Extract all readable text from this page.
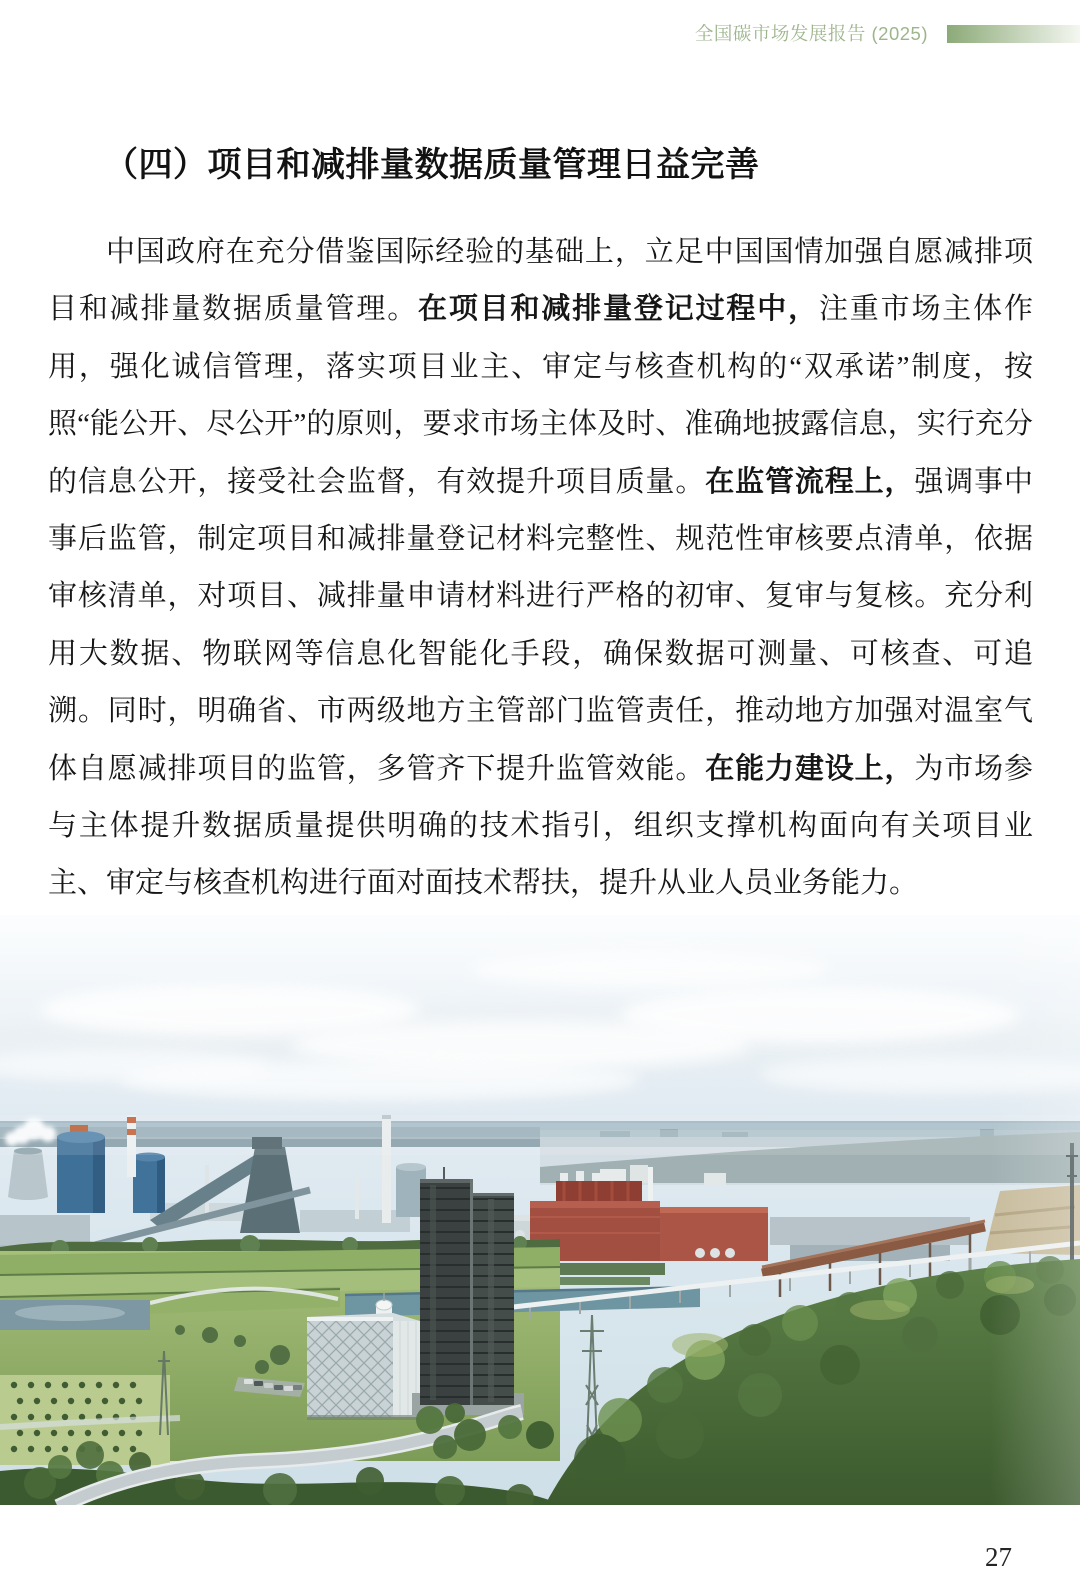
全国碳市场发展报告 (2025)
（四）项目和减排量数据质量管理日益完善

中国政府在充分借鉴国际经验的基础上，立足中国国情加强自愿减排项目和减排量数据质量管理。在项目和减排量登记过程中，注重市场主体作用，强化诚信管理，落实项目业主、审定与核查机构的“双承诺”制度，按照“能公开、尽公开”的原则，要求市场主体及时、准确地披露信息，实行充分的信息公开，接受社会监督，有效提升项目质量。在监管流程上，强调事中事后监管，制定项目和减排量登记材料完整性、规范性审核要点清单，依据审核清单，对项目、减排量申请材料进行严格的初审、复审与复核。充分利用大数据、物联网等信息化智能化手段，确保数据可测量、可核查、可追溯。同时，明确省、市两级地方主管部门监管责任，推动地方加强对温室气体自愿减排项目的监管，多管齐下提升监管效能。在能力建设上，为市场参与主体提升数据质量提供明确的技术指引，组织支撑机构面向有关项目业主、审定与核查机构进行面对面技术帮扶，提升从业人员业务能力。

27
